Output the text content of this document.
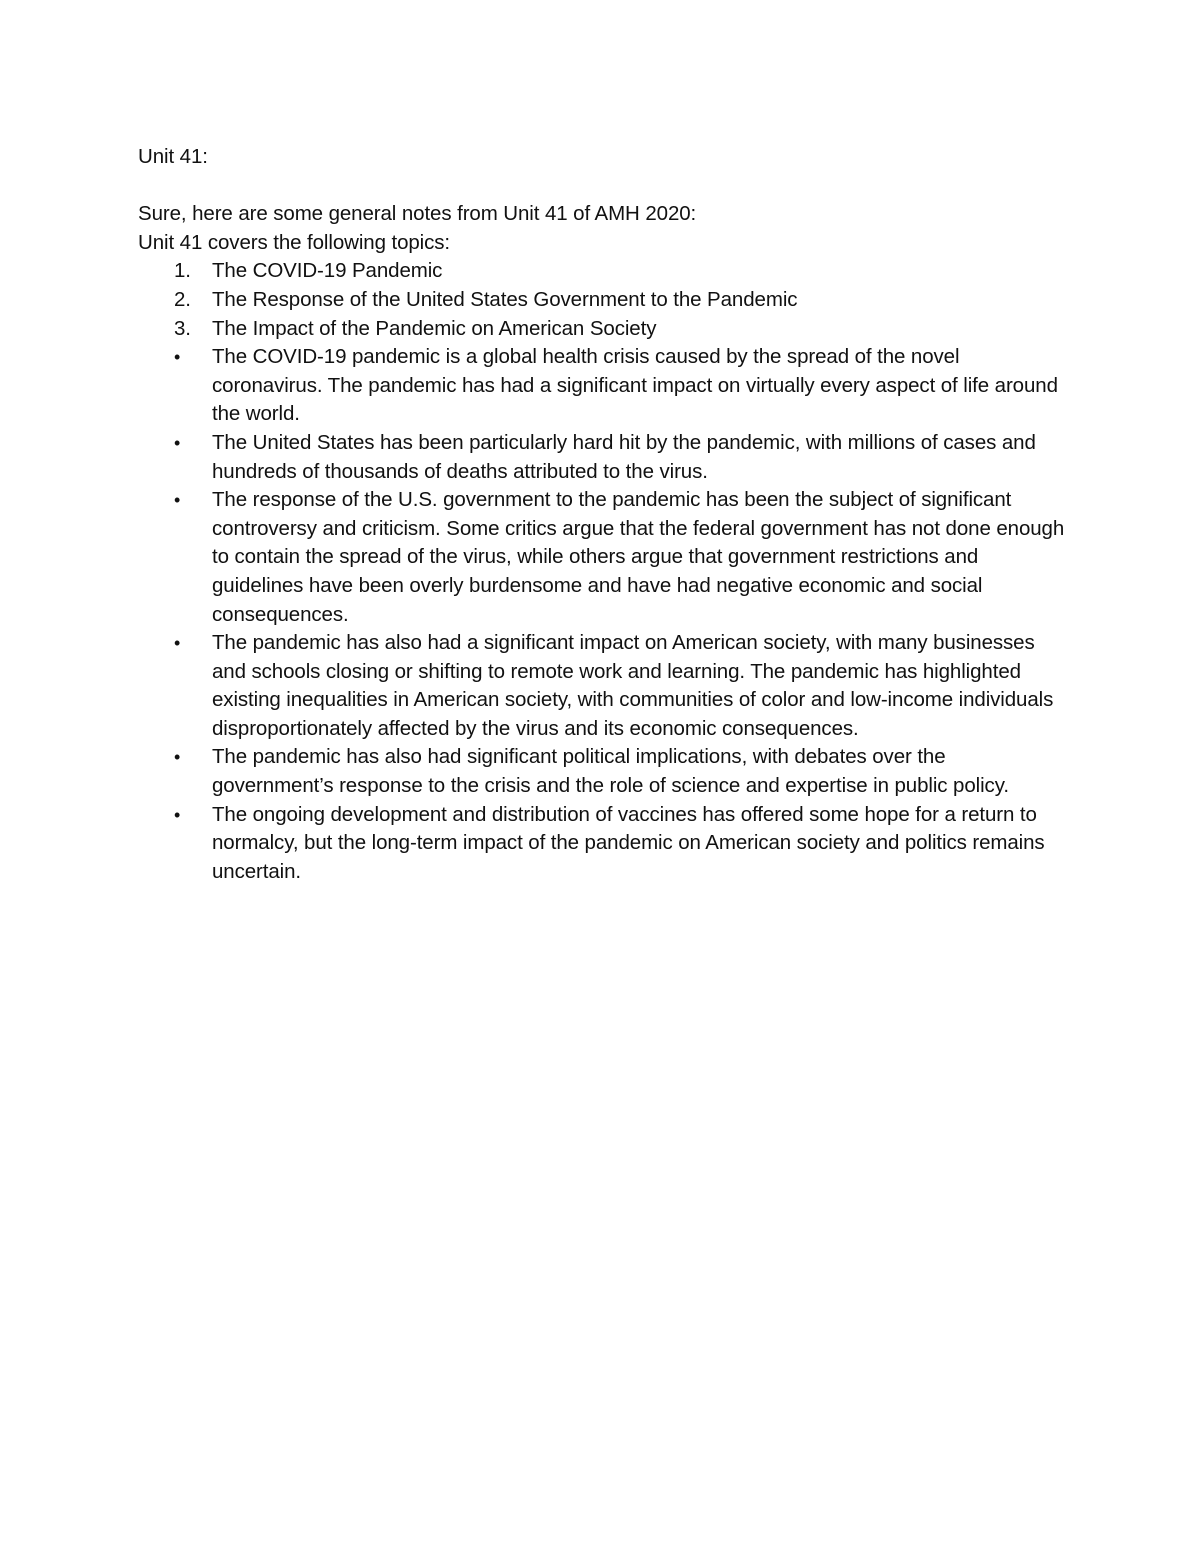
Unit 41:

Sure, here are some general notes from Unit 41 of AMH 2020:

Unit 41 covers the following topics:

1.	The COVID-19 Pandemic
2.	The Response of the United States Government to the Pandemic
3.	The Impact of the Pandemic on American Society
•	The COVID-19 pandemic is a global health crisis caused by the spread of the novel coronavirus. The pandemic has had a significant impact on virtually every aspect of life around the world.
•	The United States has been particularly hard hit by the pandemic, with millions of cases and hundreds of thousands of deaths attributed to the virus.
•	The response of the U.S. government to the pandemic has been the subject of significant controversy and criticism. Some critics argue that the federal government has not done enough to contain the spread of the virus, while others argue that government restrictions and guidelines have been overly burdensome and have had negative economic and social consequences.
•	The pandemic has also had a significant impact on American society, with many businesses and schools closing or shifting to remote work and learning. The pandemic has highlighted existing inequalities in American society, with communities of color and low-income individuals disproportionately affected by the virus and its economic consequences.
•	The pandemic has also had significant political implications, with debates over the government’s response to the crisis and the role of science and expertise in public policy.
•	The ongoing development and distribution of vaccines has offered some hope for a return to normalcy, but the long-term impact of the pandemic on American society and politics remains uncertain.
